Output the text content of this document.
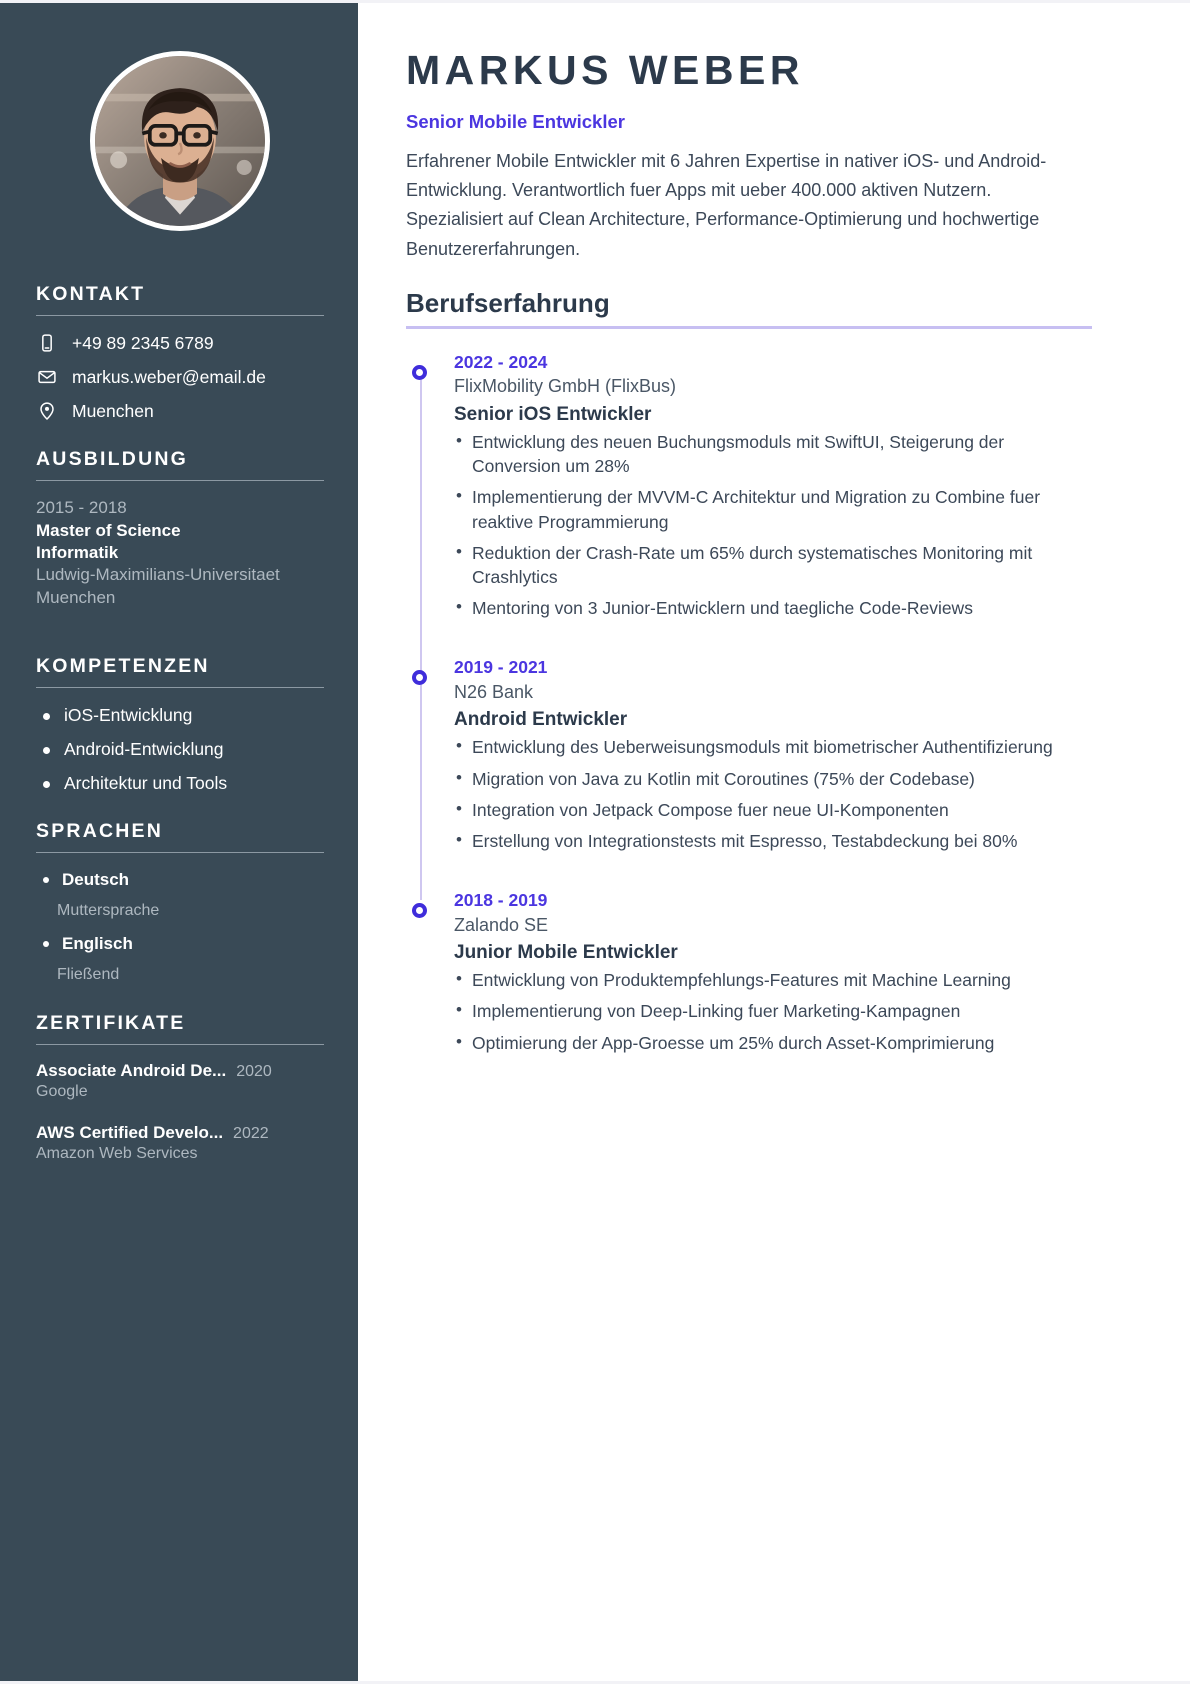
KONTAKT
+49 89 2345 6789
markus.weber@email.de
Muenchen
AUSBILDUNG
2015 - 2018
Master of Science
Informatik
Ludwig-Maximilians-Universitaet Muenchen
KOMPETENZEN
iOS-Entwicklung
Android-Entwicklung
Architektur und Tools
SPRACHEN
Deutsch
Muttersprache
Englisch
Fließend
ZERTIFIKATE
Associate Android De... 2020
Google
AWS Certified Develo... 2022
Amazon Web Services
MARKUS WEBER
Senior Mobile Entwickler

Erfahrener Mobile Entwickler mit 6 Jahren Expertise in nativer iOS- und Android-Entwicklung. Verantwortlich fuer Apps mit ueber 400.000 aktiven Nutzern. Spezialisiert auf Clean Architecture, Performance-Optimierung und hochwertige Benutzererfahrungen.

Berufserfahrung
2022 - 2024
FlixMobility GmbH (FlixBus)
Senior iOS Entwickler
• Entwicklung des neuen Buchungsmoduls mit SwiftUI, Steigerung der Conversion um 28%
• Implementierung der MVVM-C Architektur und Migration zu Combine fuer reaktive Programmierung
• Reduktion der Crash-Rate um 65% durch systematisches Monitoring mit Crashlytics
• Mentoring von 3 Junior-Entwicklern und taegliche Code-Reviews
2019 - 2021
N26 Bank
Android Entwickler
• Entwicklung des Ueberweisungsmoduls mit biometrischer Authentifizierung
• Migration von Java zu Kotlin mit Coroutines (75% der Codebase)
• Integration von Jetpack Compose fuer neue UI-Komponenten
• Erstellung von Integrationstests mit Espresso, Testabdeckung bei 80%
2018 - 2019
Zalando SE
Junior Mobile Entwickler
• Entwicklung von Produktempfehlungs-Features mit Machine Learning
• Implementierung von Deep-Linking fuer Marketing-Kampagnen
• Optimierung der App-Groesse um 25% durch Asset-Komprimierung
